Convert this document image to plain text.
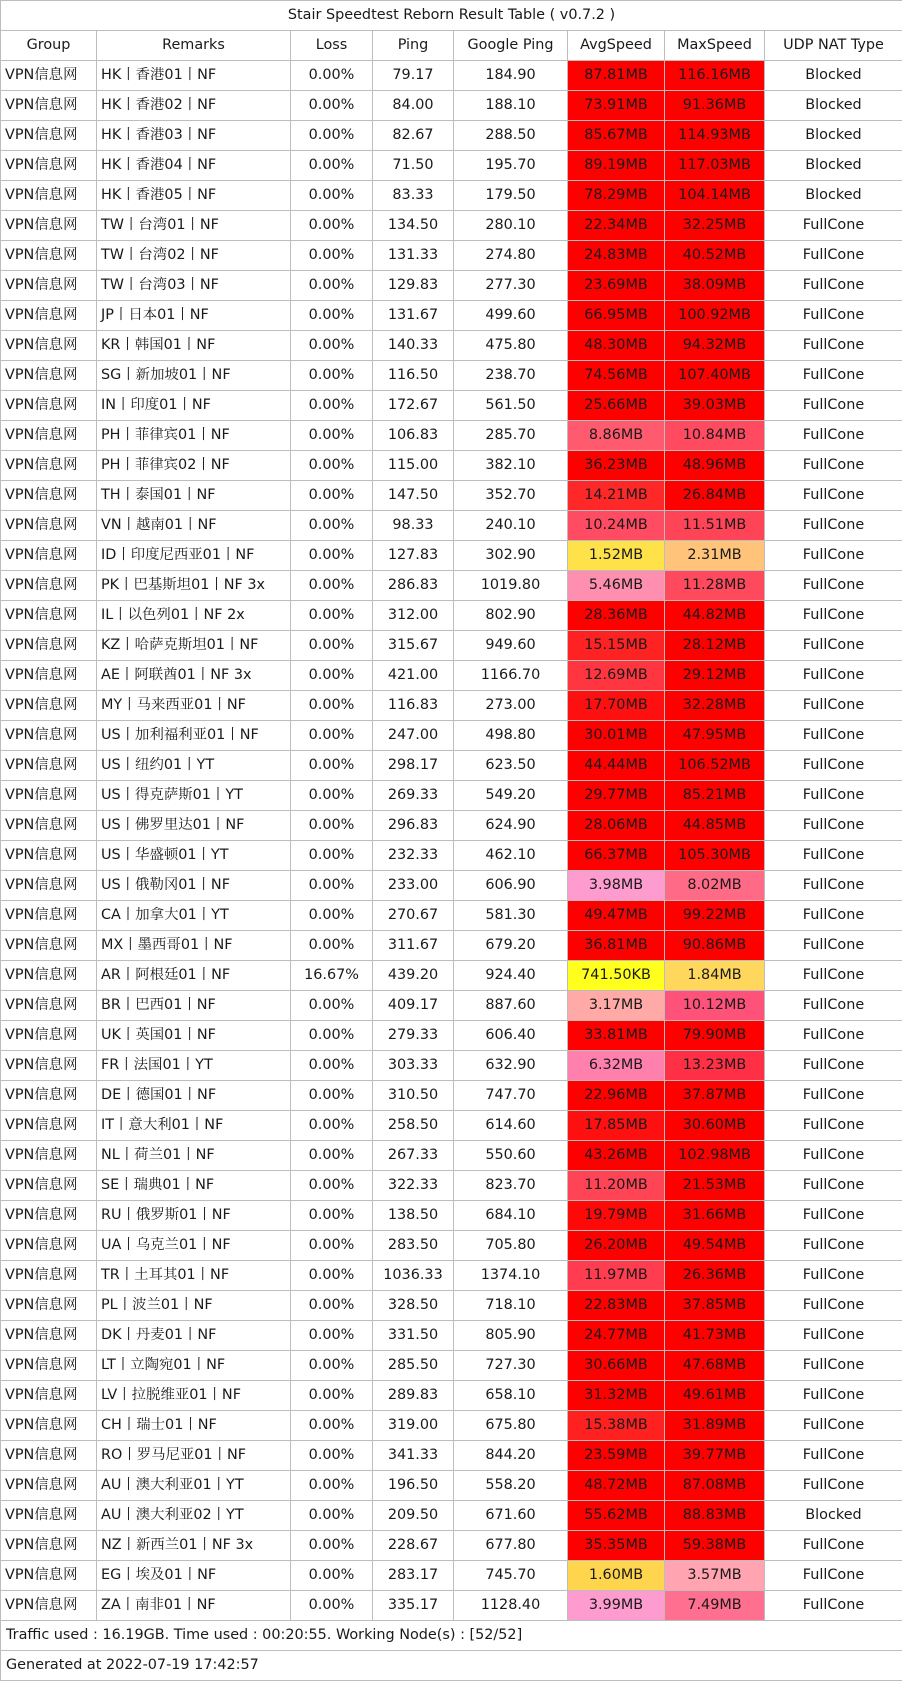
Stair Speedtest Reborn Result Table ( v0.7.2 )							
Group	Remarks	Loss	Ping	Google Ping	AvgSpeed	MaxSpeed	UDP NAT Type
VPN信息网	HK丨香港01丨NF	0.00%	79.17	184.90	87.81MB	116.16MB	Blocked
VPN信息网	HK丨香港02丨NF	0.00%	84.00	188.10	73.91MB	91.36MB	Blocked
VPN信息网	HK丨香港03丨NF	0.00%	82.67	288.50	85.67MB	114.93MB	Blocked
VPN信息网	HK丨香港04丨NF	0.00%	71.50	195.70	89.19MB	117.03MB	Blocked
VPN信息网	HK丨香港05丨NF	0.00%	83.33	179.50	78.29MB	104.14MB	Blocked
VPN信息网	TW丨台湾01丨NF	0.00%	134.50	280.10	22.34MB	32.25MB	FullCone
VPN信息网	TW丨台湾02丨NF	0.00%	131.33	274.80	24.83MB	40.52MB	FullCone
VPN信息网	TW丨台湾03丨NF	0.00%	129.83	277.30	23.69MB	38.09MB	FullCone
VPN信息网	JP丨日本01丨NF	0.00%	131.67	499.60	66.95MB	100.92MB	FullCone
VPN信息网	KR丨韩国01丨NF	0.00%	140.33	475.80	48.30MB	94.32MB	FullCone
VPN信息网	SG丨新加坡01丨NF	0.00%	116.50	238.70	74.56MB	107.40MB	FullCone
VPN信息网	IN丨印度01丨NF	0.00%	172.67	561.50	25.66MB	39.03MB	FullCone
VPN信息网	PH丨菲律宾01丨NF	0.00%	106.83	285.70	8.86MB	10.84MB	FullCone
VPN信息网	PH丨菲律宾02丨NF	0.00%	115.00	382.10	36.23MB	48.96MB	FullCone
VPN信息网	TH丨泰国01丨NF	0.00%	147.50	352.70	14.21MB	26.84MB	FullCone
VPN信息网	VN丨越南01丨NF	0.00%	98.33	240.10	10.24MB	11.51MB	FullCone
VPN信息网	ID丨印度尼西亚01丨NF	0.00%	127.83	302.90	1.52MB	2.31MB	FullCone
VPN信息网	PK丨巴基斯坦01丨NF 3x	0.00%	286.83	1019.80	5.46MB	11.28MB	FullCone
VPN信息网	IL丨以色列01丨NF 2x	0.00%	312.00	802.90	28.36MB	44.82MB	FullCone
VPN信息网	KZ丨哈萨克斯坦01丨NF	0.00%	315.67	949.60	15.15MB	28.12MB	FullCone
VPN信息网	AE丨阿联酋01丨NF 3x	0.00%	421.00	1166.70	12.69MB	29.12MB	FullCone
VPN信息网	MY丨马来西亚01丨NF	0.00%	116.83	273.00	17.70MB	32.28MB	FullCone
VPN信息网	US丨加利福利亚01丨NF	0.00%	247.00	498.80	30.01MB	47.95MB	FullCone
VPN信息网	US丨纽约01丨YT	0.00%	298.17	623.50	44.44MB	106.52MB	FullCone
VPN信息网	US丨得克萨斯01丨YT	0.00%	269.33	549.20	29.77MB	85.21MB	FullCone
VPN信息网	US丨佛罗里达01丨NF	0.00%	296.83	624.90	28.06MB	44.85MB	FullCone
VPN信息网	US丨华盛顿01丨YT	0.00%	232.33	462.10	66.37MB	105.30MB	FullCone
VPN信息网	US丨俄勒冈01丨NF	0.00%	233.00	606.90	3.98MB	8.02MB	FullCone
VPN信息网	CA丨加拿大01丨YT	0.00%	270.67	581.30	49.47MB	99.22MB	FullCone
VPN信息网	MX丨墨西哥01丨NF	0.00%	311.67	679.20	36.81MB	90.86MB	FullCone
VPN信息网	AR丨阿根廷01丨NF	16.67%	439.20	924.40	741.50KB	1.84MB	FullCone
VPN信息网	BR丨巴西01丨NF	0.00%	409.17	887.60	3.17MB	10.12MB	FullCone
VPN信息网	UK丨英国01丨NF	0.00%	279.33	606.40	33.81MB	79.90MB	FullCone
VPN信息网	FR丨法国01丨YT	0.00%	303.33	632.90	6.32MB	13.23MB	FullCone
VPN信息网	DE丨德国01丨NF	0.00%	310.50	747.70	22.96MB	37.87MB	FullCone
VPN信息网	IT丨意大利01丨NF	0.00%	258.50	614.60	17.85MB	30.60MB	FullCone
VPN信息网	NL丨荷兰01丨NF	0.00%	267.33	550.60	43.26MB	102.98MB	FullCone
VPN信息网	SE丨瑞典01丨NF	0.00%	322.33	823.70	11.20MB	21.53MB	FullCone
VPN信息网	RU丨俄罗斯01丨NF	0.00%	138.50	684.10	19.79MB	31.66MB	FullCone
VPN信息网	UA丨乌克兰01丨NF	0.00%	283.50	705.80	26.20MB	49.54MB	FullCone
VPN信息网	TR丨土耳其01丨NF	0.00%	1036.33	1374.10	11.97MB	26.36MB	FullCone
VPN信息网	PL丨波兰01丨NF	0.00%	328.50	718.10	22.83MB	37.85MB	FullCone
VPN信息网	DK丨丹麦01丨NF	0.00%	331.50	805.90	24.77MB	41.73MB	FullCone
VPN信息网	LT丨立陶宛01丨NF	0.00%	285.50	727.30	30.66MB	47.68MB	FullCone
VPN信息网	LV丨拉脱维亚01丨NF	0.00%	289.83	658.10	31.32MB	49.61MB	FullCone
VPN信息网	CH丨瑞士01丨NF	0.00%	319.00	675.80	15.38MB	31.89MB	FullCone
VPN信息网	RO丨罗马尼亚01丨NF	0.00%	341.33	844.20	23.59MB	39.77MB	FullCone
VPN信息网	AU丨澳大利亚01丨YT	0.00%	196.50	558.20	48.72MB	87.08MB	FullCone
VPN信息网	AU丨澳大利亚02丨YT	0.00%	209.50	671.60	55.62MB	88.83MB	Blocked
VPN信息网	NZ丨新西兰01丨NF 3x	0.00%	228.67	677.80	35.35MB	59.38MB	FullCone
VPN信息网	EG丨埃及01丨NF	0.00%	283.17	745.70	1.60MB	3.57MB	FullCone
VPN信息网	ZA丨南非01丨NF	0.00%	335.17	1128.40	3.99MB	7.49MB	FullCone
Traffic used : 16.19GB. Time used : 00:20:55. Working Node(s) : [52/52]							
Generated at 2022-07-19 17:42:57							
